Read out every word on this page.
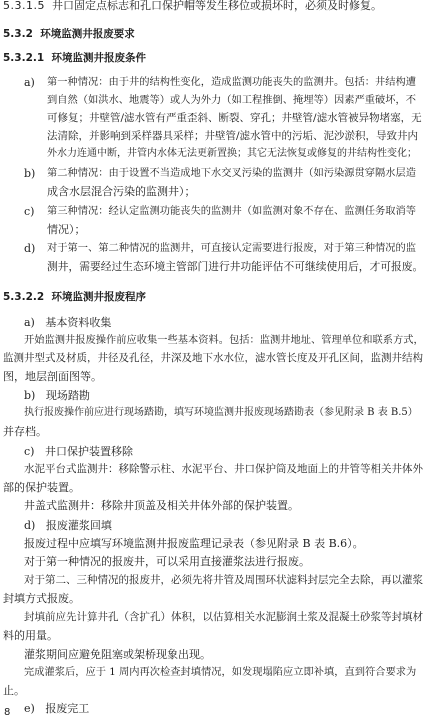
5.3.1.5 井口固定点标志和孔口保护帽等发生移位或损坏时，必须及时修复。
5.3.2 环境监测井报废要求
5.3.2.1 环境监测井报废条件
a) 第一种情况：由于井的结构性变化，造成监测功能丧失的监测井。包括：井结构遭
到自然（如洪水、地震等）或人为外力（如工程推倒、掩埋等）因素严重破坏，不
可修复；井壁管/滤水管有严重歪斜、断裂、穿孔；井壁管/滤水管被异物堵塞，无
法清除，并影响到采样器具采样；井壁管/滤水管中的污垢、泥沙淤积，导致井内
外水力连通中断，井管内水体无法更新置换；其它无法恢复或修复的井结构性变化；
b) 第二种情况：由于设置不当造成地下水交叉污染的监测井（如污染源贯穿隔水层造
成含水层混合污染的监测井）；
c) 第三种情况：经认定监测功能丧失的监测井（如监测对象不存在、监测任务取消等
情况）；
d) 对于第一、第二种情况的监测井，可直接认定需要进行报废，对于第三种情况的监
测井，需要经过生态环境主管部门进行井功能评估不可继续使用后，才可报废。
5.3.2.2 环境监测井报废程序
a) 基本资料收集
开始监测井报废操作前应收集一些基本资料。包括：监测井地址、管理单位和联系方式，
监测井型式及材质，井径及孔径，井深及地下水水位，滤水管长度及开孔区间，监测井结构
图，地层剖面图等。
b) 现场踏勘
执行报废操作前应进行现场踏勘，填写环境监测井报废现场踏勘表（参见附录 B 表 B.5）
并存档。
c) 井口保护装置移除
水泥平台式监测井：移除警示柱、水泥平台、井口保护筒及地面上的井管等相关井体外
部的保护装置。
井盖式监测井：移除井顶盖及相关井体外部的保护装置。
d) 报废灌浆回填
报废过程中应填写环境监测井报废监理记录表（参见附录 B 表 B.6）。
对于第一种情况的报废井，可以采用直接灌浆法进行报废。
对于第二、三种情况的报废井，必须先将井管及周围环状滤料封层完全去除，再以灌浆
封填方式报废。
封填前应先计算井孔（含扩孔）体积，以估算相关水泥膨润土浆及混凝土砂浆等封填材
料的用量。
灌浆期间应避免阻塞或架桥现象出现。
完成灌浆后，应于 1 周内再次检查封填情况，如发现塌陷应立即补填，直到符合要求为
止。
e) 报废完工
8
